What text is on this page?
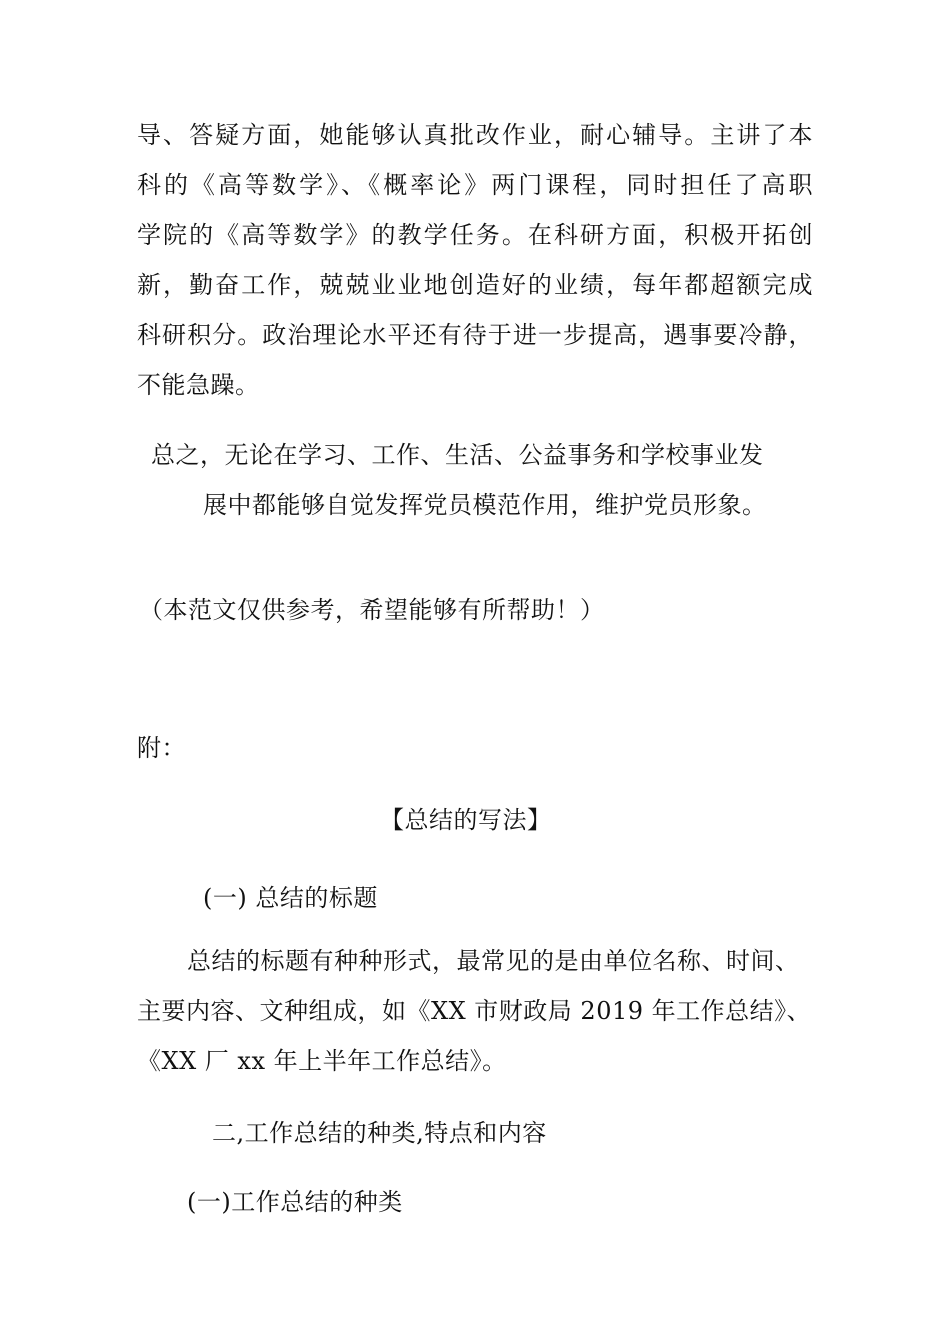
导、答疑方面，她能够认真批改作业，耐心辅导。主讲了本
科的《高等数学》、《概率论》两门课程，同时担任了高职
学院的《高等数学》的教学任务。在科研方面，积极开拓创
新，勤奋工作，兢兢业业地创造好的业绩，每年都超额完成
科研积分。政治理论水平还有待于进一步提高，遇事要冷静，
不能急躁。
总之，无论在学习、工作、生活、公益事务和学校事业发
展中都能够自觉发挥党员模范作用，维护党员形象。
（本范文仅供参考，希望能够有所帮助！）
附：
【总结的写法】
(一) 总结的标题
总结的标题有种种形式，最常见的是由单位名称、时间、
主要内容、文种组成，如《XX 市财政局 2019 年工作总结》、
《XX 厂 xx 年上半年工作总结》。
二,工作总结的种类,特点和内容
(一)工作总结的种类
